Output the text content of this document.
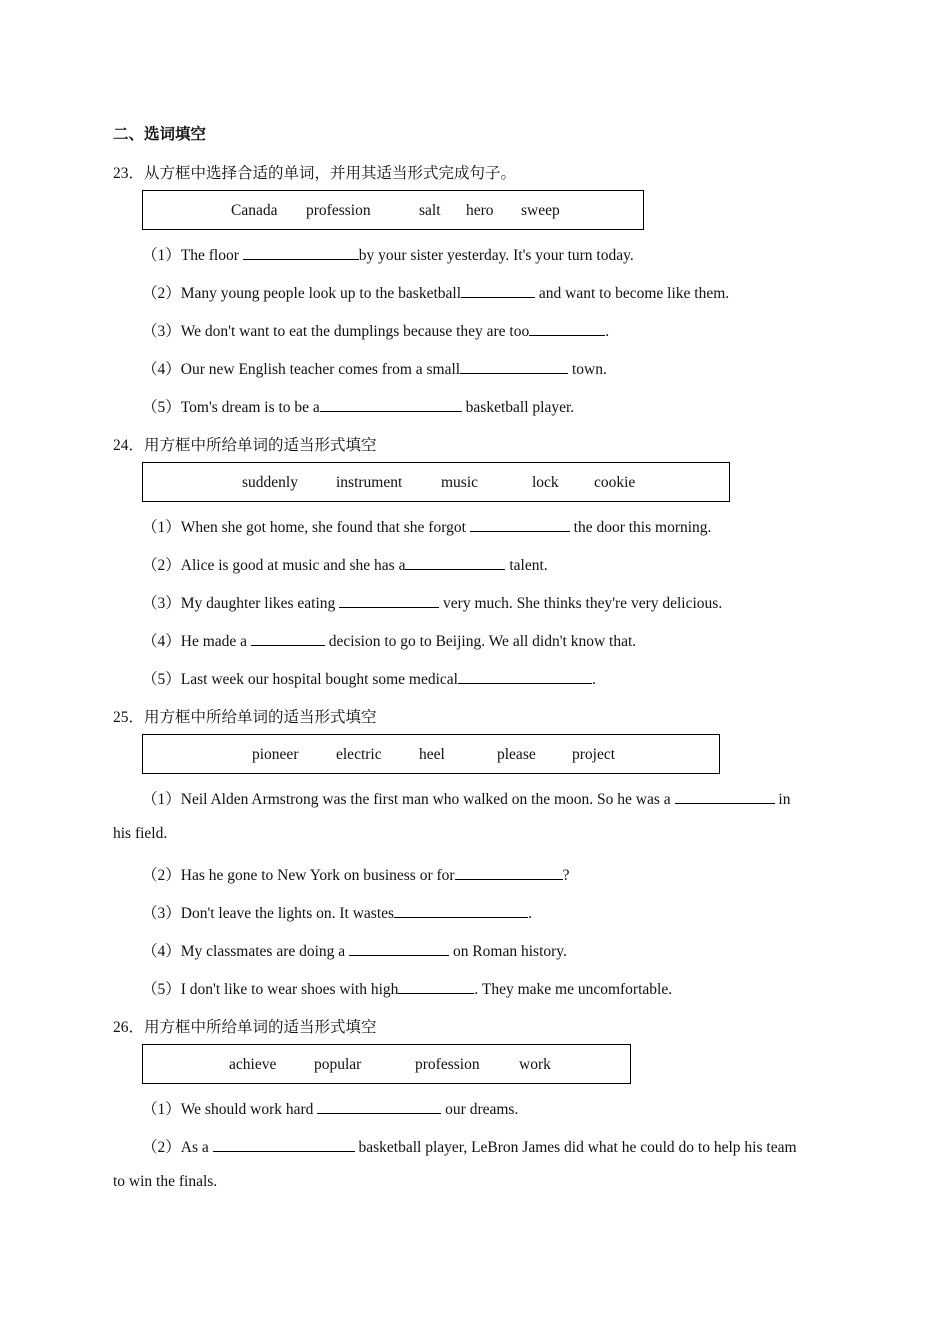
二、选词填空
23．从方框中选择合适的单词，并用其适当形式完成句子。
Canada profession	salt hero sweep
（1）The floor	by your sister yesterday. It's your turn today.
（2）Many young people look up to the basketball	and want to become like them.
（3）We don't want to eat the dumplings because they are too	.
（4）Our new English teacher comes from a small	town.
（5）Tom's dream is to be a	basketball player.
24．用方框中所给单词的适当形式填空
suddenly instrument music	lock cookie
（1）When she got home, she found that she forgot	the door this morning.
（2）Alice is good at music and she has a	talent.
（3）My daughter likes eating	very much. She thinks they're very delicious.
（4）He made a	decision to go to Beijing. We all didn't know that.
（5）Last week our hospital bought some medical	.
25．用方框中所给单词的适当形式填空
pioneer electric heel	please project
（1）Neil Alden Armstrong was the first man who walked on the moon. So he was a	in
his field.
（2）Has he gone to New York on business or for	?
（3）Don't leave the lights on. It wastes	.
（4）My classmates are doing a	on Roman history.
（5）I don't like to wear shoes with high	. They make me uncomfortable.
26．用方框中所给单词的适当形式填空
achieve popular	profession	work
（1）We should work hard	our dreams.
（2）As a	basketball player, LeBron James did what he could do to help his team
to win the finals.
